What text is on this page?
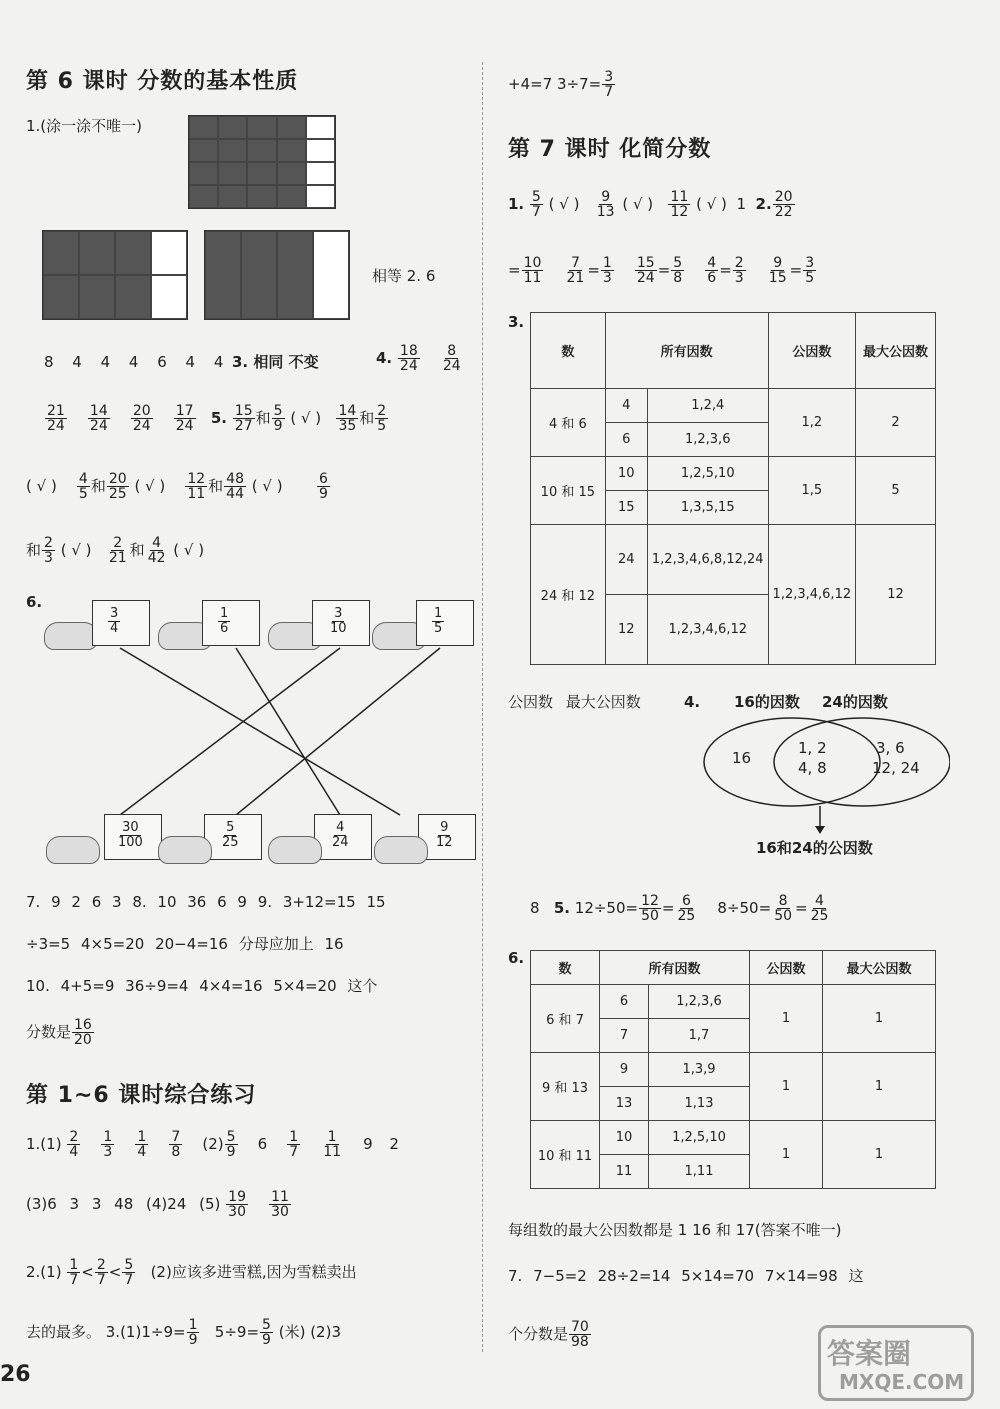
第 6 课时 分数的基本性质
1.(涂一涂不唯一)
相等 2. 6
8 4 4 4 6 4 4 3. 相同 不变	4. $\frac{18}{24}$
$\frac{8}{24}$
$\frac{21}{24}$
$\frac{14}{24}$
$\frac{20}{24}$
$\frac{17}{24} 5$. $\frac{15}{27}$ 和 $\frac{5}{9}$ ( √ ) $\frac{14}{35}$ 和 $\frac{2}{5}$
( √ ) $\frac{4}{5}$ 和 $\frac{20}{25}$ ( √ ) $\frac{12}{11}$ 和 $\frac{48}{44}$ ( √ ) $\frac{6}{9}$
和 $\frac{2}{3}$ ( √ ) $\frac{2}{21}$ 和 $\frac{4}{42}$ ( √ )
6.
$\frac{3}{4}$	$\frac{1}{6}$	$\frac{3}{10}$	$\frac{1}{5}$
$\frac{30}{100}$	$\frac{5}{25}$	$\frac{4}{24}$	$\frac{9}{12}$
7. 9 2 6 3 8. 10 36 6 9 9. 3+12=15 15
÷3=5 4×5=20 20−4=16 分母应加上 16
10. 4+5=9 36÷9=4 4×4=16 5×4=20 这个
分数是 $\frac{16}{20}$
第 1~6 课时综合练习
$1.(1) \frac{2}{4}$
$\frac{1}{3}$
$\frac{1}{4}$
$\frac{7}{8} (2) \frac{5}{9} 6 \frac{1}{7}$
$\frac{1}{11} 9$ 2
(3)6 3 3 48 (4)24 $(5) \frac{19}{30}$
$\frac{11}{30}$
$2.(1) \frac{1}{7} < \frac{2}{7} < \frac{5}{7} (2)$应该多进雪糕,因为雪糕卖出
去的最多。 $3.(1)1\div 9= \frac{1}{9} 5\div 9= \frac{5}{9}$ (米) (2)3
26
+4=7 $3\div 7= \frac{3}{7}$
第 7 课时 化简分数
1. $\frac{5}{7}$ ( √ ) $\frac{9}{13}$ ( √ ) $\frac{11}{12}$ ( √ ) 1 2. $\frac{20}{22}$
= $\frac{10}{11}$
$\frac{7}{21} = \frac{1}{3}$
$\frac{15}{24} = \frac{5}{8}$
$\frac{4}{6} = \frac{2}{3}$
$\frac{9}{15} = \frac{3}{5}$
3.
数	所有因数		公因数	最大公因数
4 和 6	4	1,2,4	1,2	2
	6	1,2,3,6		
10 和 15	10	1,2,5,10	1,5	5
	15	1,3,5,15		
24 和 12	24	1,2,3,4,6,8,12,24	1,2,3,4,6,12	12
	12	1,2,3,4,6,12		
公因数 最大公因数	4. 16的因数 24的因数
16
1, 2
4, 8
3, 6
12, 24
16和24的公因数
8 5. $12\div 50= \frac{12}{50} = \frac{6}{25} 8\div 50= \frac{8}{50} = \frac{4}{25}$
6.
数	所有因数		公因数	最大公因数
6 和 7	6	1,2,3,6	1	1
	7	1,7		
9 和 13	9	1,3,9	1	1
	13	1,13		
10 和 11	10	1,2,5,10	1	1
	11	1,11		
每组数的最大公因数都是 1 16 和 17(答案不唯一)
7. 7−5=2 28÷2=14 5×14=70 7×14=98 这
个分数是 $\frac{70}{98}$
答案圈
MXQE.COM
